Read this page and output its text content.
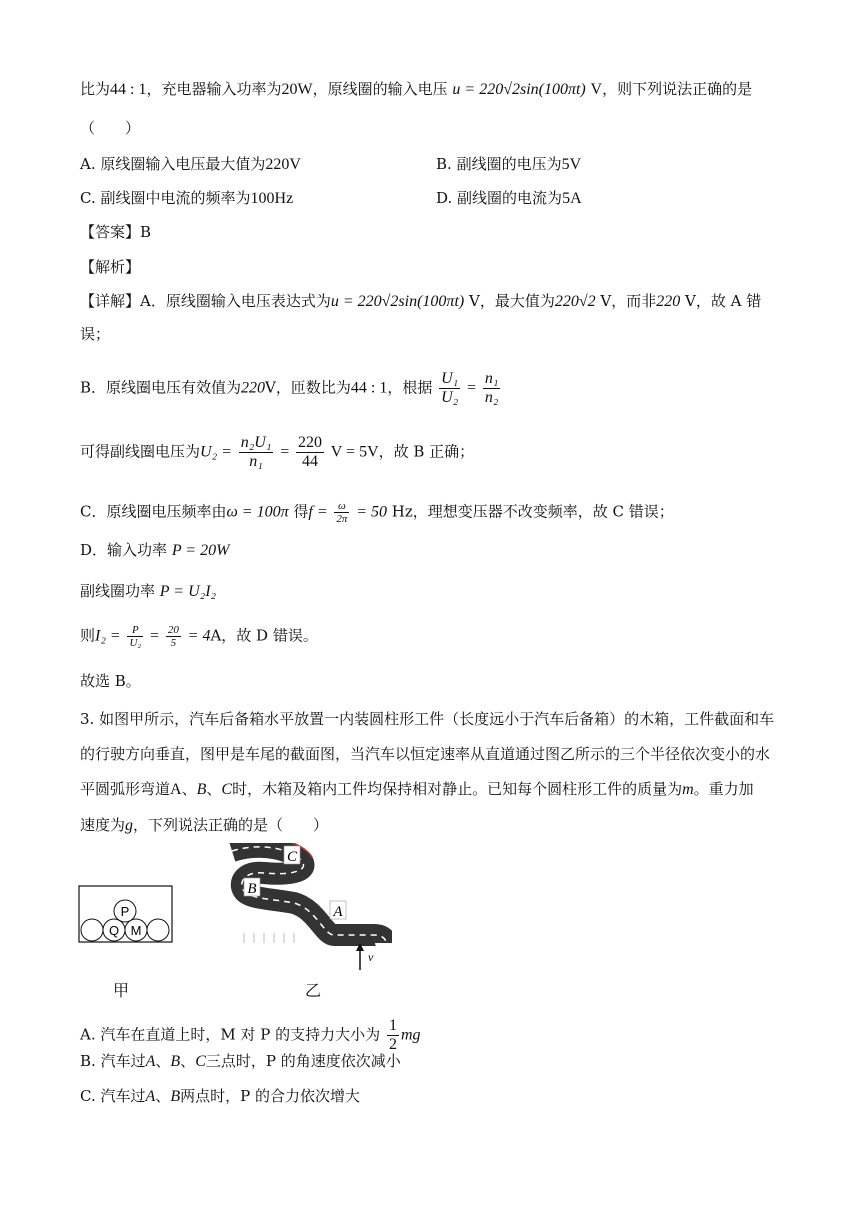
比为44 : 1，充电器输入功率为20W，原线圈的输入电压 u = 220√2sin(100πt) V，则下列说法正确的是
（　　）
A. 原线圈输入电压最大值为220V	B. 副线圈的电压为5V
C. 副线圈中电流的频率为100Hz	D. 副线圈的电流为5A
【答案】B
【解析】
【详解】A．原线圈输入电压表达式为u = 220√2sin(100πt) V，最大值为220√2 V，而非220 V，故 A 错
误；
B．原线圈电压有效值为220V，匝数比为44 : 1，根据 $\frac{\text{U₁}}{\text{U₂}} = \frac{\text{n₁}}{\text{n₂}}$
可得副线圈电压为$U_2 = \frac{\text{n₂U₁}}{\text{n₁}} = \frac{220}{44}$ V = 5V，故 B 正确；
C．原线圈电压频率由ω = 100π 得$f = \frac{\omega}{2\pi} = 50$ Hz，理想变压器不改变频率，故 C 错误；
D．输入功率 P = 20W
副线圈功率 P = U₂I₂
则$I_2 = \frac{P}{\text{U₂}} = \frac{20}{5} = 4A$，故 D 错误。
故选 B。
3. 如图甲所示，汽车后备箱水平放置一内装圆柱形工件（长度远小于汽车后备箱）的木箱，工件截面和车
的行驶方向垂直，图甲是车尾的截面图，当汽车以恒定速率从直道通过图乙所示的三个半径依次变小的水
平圆弧形弯道A、B、C时，木箱及箱内工件均保持相对静止。已知每个圆柱形工件的质量为m。重力加
速度为g，下列说法正确的是（　　）
P
Q M
甲
C
B
A
v
乙
A. 汽车在直道上时，M 对 P 的支持力大小为 $\frac{1}{2}$ mg
B. 汽车过A、B、C三点时，P 的角速度依次减小
C. 汽车过A、B两点时，P 的合力依次增大
